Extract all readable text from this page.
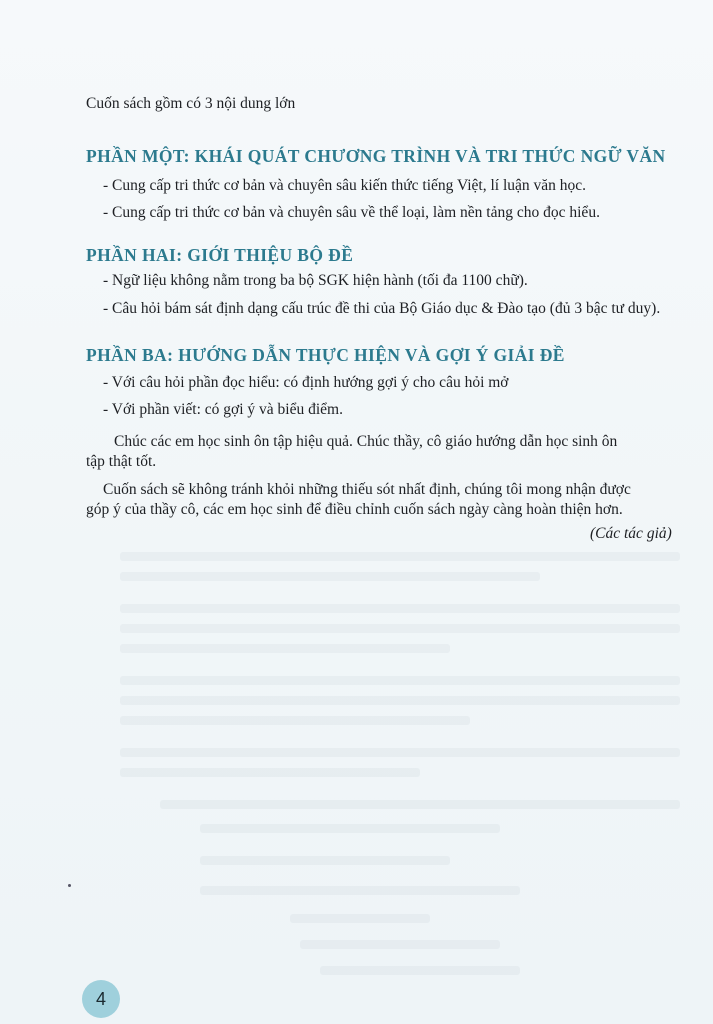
Cuốn sách gồm có 3 nội dung lớn
PHẦN MỘT: KHÁI QUÁT CHƯƠNG TRÌNH VÀ TRI THỨC NGỮ VĂN
- Cung cấp tri thức cơ bản và chuyên sâu kiến thức tiếng Việt, lí luận văn học.
- Cung cấp tri thức cơ bản và chuyên sâu về thể loại, làm nền tảng cho đọc hiểu.
PHẦN HAI: GIỚI THIỆU BỘ ĐỀ
- Ngữ liệu không nằm trong ba bộ SGK hiện hành (tối đa 1100 chữ).
- Câu hỏi bám sát định dạng cấu trúc đề thi của Bộ Giáo dục & Đào tạo (đủ 3 bậc tư duy).
PHẦN BA: HƯỚNG DẪN THỰC HIỆN VÀ GỢI Ý GIẢI ĐỀ
- Với câu hỏi phần đọc hiểu: có định hướng gợi ý cho câu hỏi mở
- Với phần viết: có gợi ý và biểu điểm.
Chúc các em học sinh ôn tập hiệu quả. Chúc thầy, cô giáo hướng dẫn học sinh ôn
tập thật tốt.
Cuốn sách sẽ không tránh khỏi những thiếu sót nhất định, chúng tôi mong nhận được
góp ý của thầy cô, các em học sinh để điều chỉnh cuốn sách ngày càng hoàn thiện hơn.
(Các tác giả)
4
